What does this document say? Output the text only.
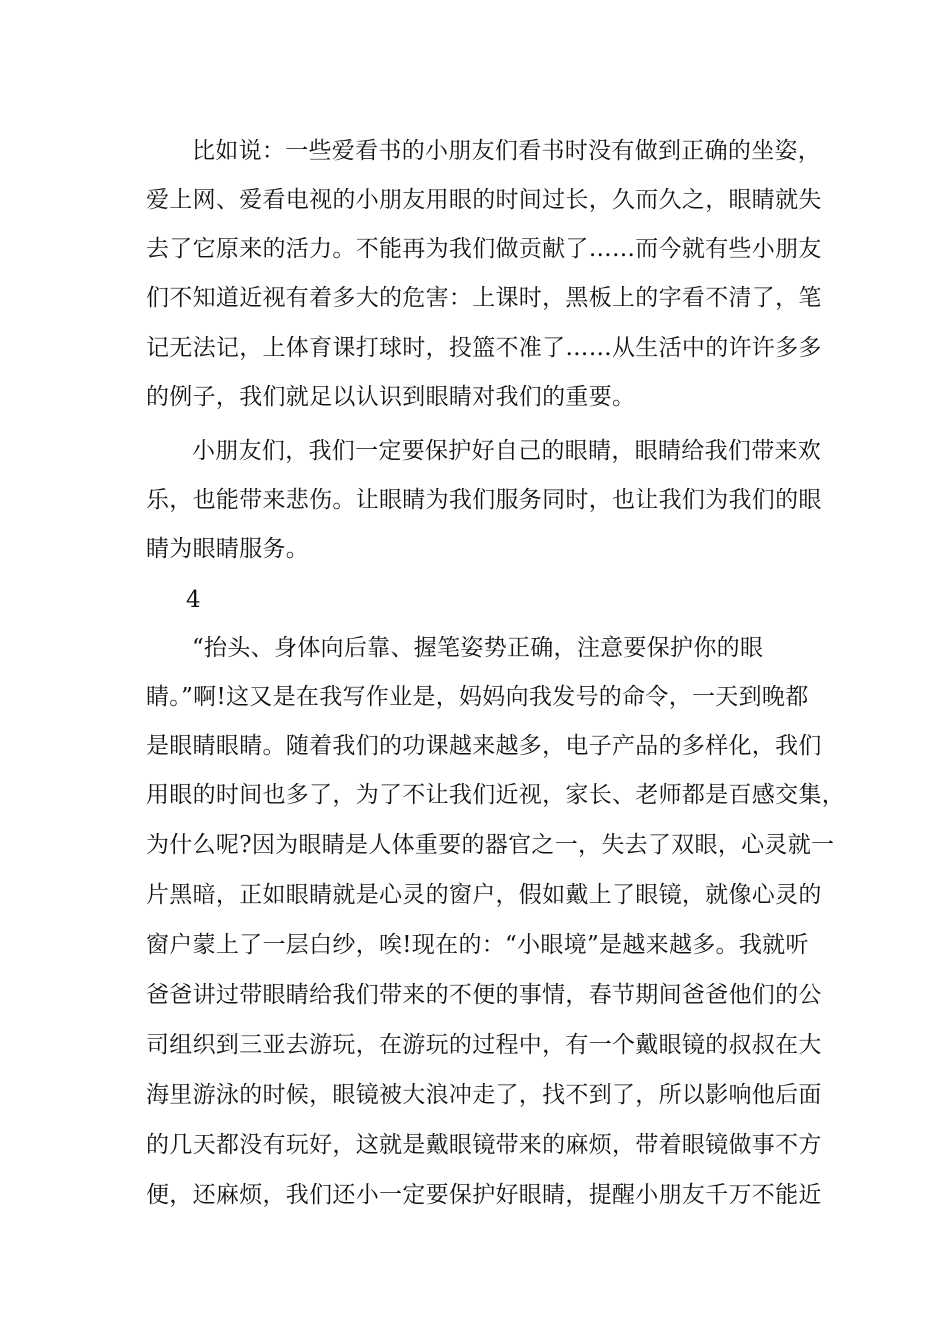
比如说：一些爱看书的小朋友们看书时没有做到正确的坐姿，
爱上网、爱看电视的小朋友用眼的时间过长，久而久之，眼睛就失
去了它原来的活力。不能再为我们做贡献了……而今就有些小朋友
们不知道近视有着多大的危害：上课时，黑板上的字看不清了，笔
记无法记，上体育课打球时，投篮不准了……从生活中的许许多多
的例子，我们就足以认识到眼睛对我们的重要。
小朋友们，我们一定要保护好自己的眼睛，眼睛给我们带来欢
乐，也能带来悲伤。让眼睛为我们服务同时，也让我们为我们的眼
睛为眼睛服务。
4
“抬头、身体向后靠、握笔姿势正确，注意要保护你的眼
睛。”啊!这又是在我写作业是，妈妈向我发号的命令，一天到晚都
是眼睛眼睛。随着我们的功课越来越多，电子产品的多样化，我们
用眼的时间也多了，为了不让我们近视，家长、老师都是百感交集，
为什么呢?因为眼睛是人体重要的器官之一，失去了双眼，心灵就一
片黑暗，正如眼睛就是心灵的窗户，假如戴上了眼镜，就像心灵的
窗户蒙上了一层白纱，唉!现在的：“小眼境”是越来越多。我就听
爸爸讲过带眼睛给我们带来的不便的事情，春节期间爸爸他们的公
司组织到三亚去游玩，在游玩的过程中，有一个戴眼镜的叔叔在大
海里游泳的时候，眼镜被大浪冲走了，找不到了，所以影响他后面
的几天都没有玩好，这就是戴眼镜带来的麻烦，带着眼镜做事不方
便，还麻烦，我们还小一定要保护好眼睛，提醒小朋友千万不能近
